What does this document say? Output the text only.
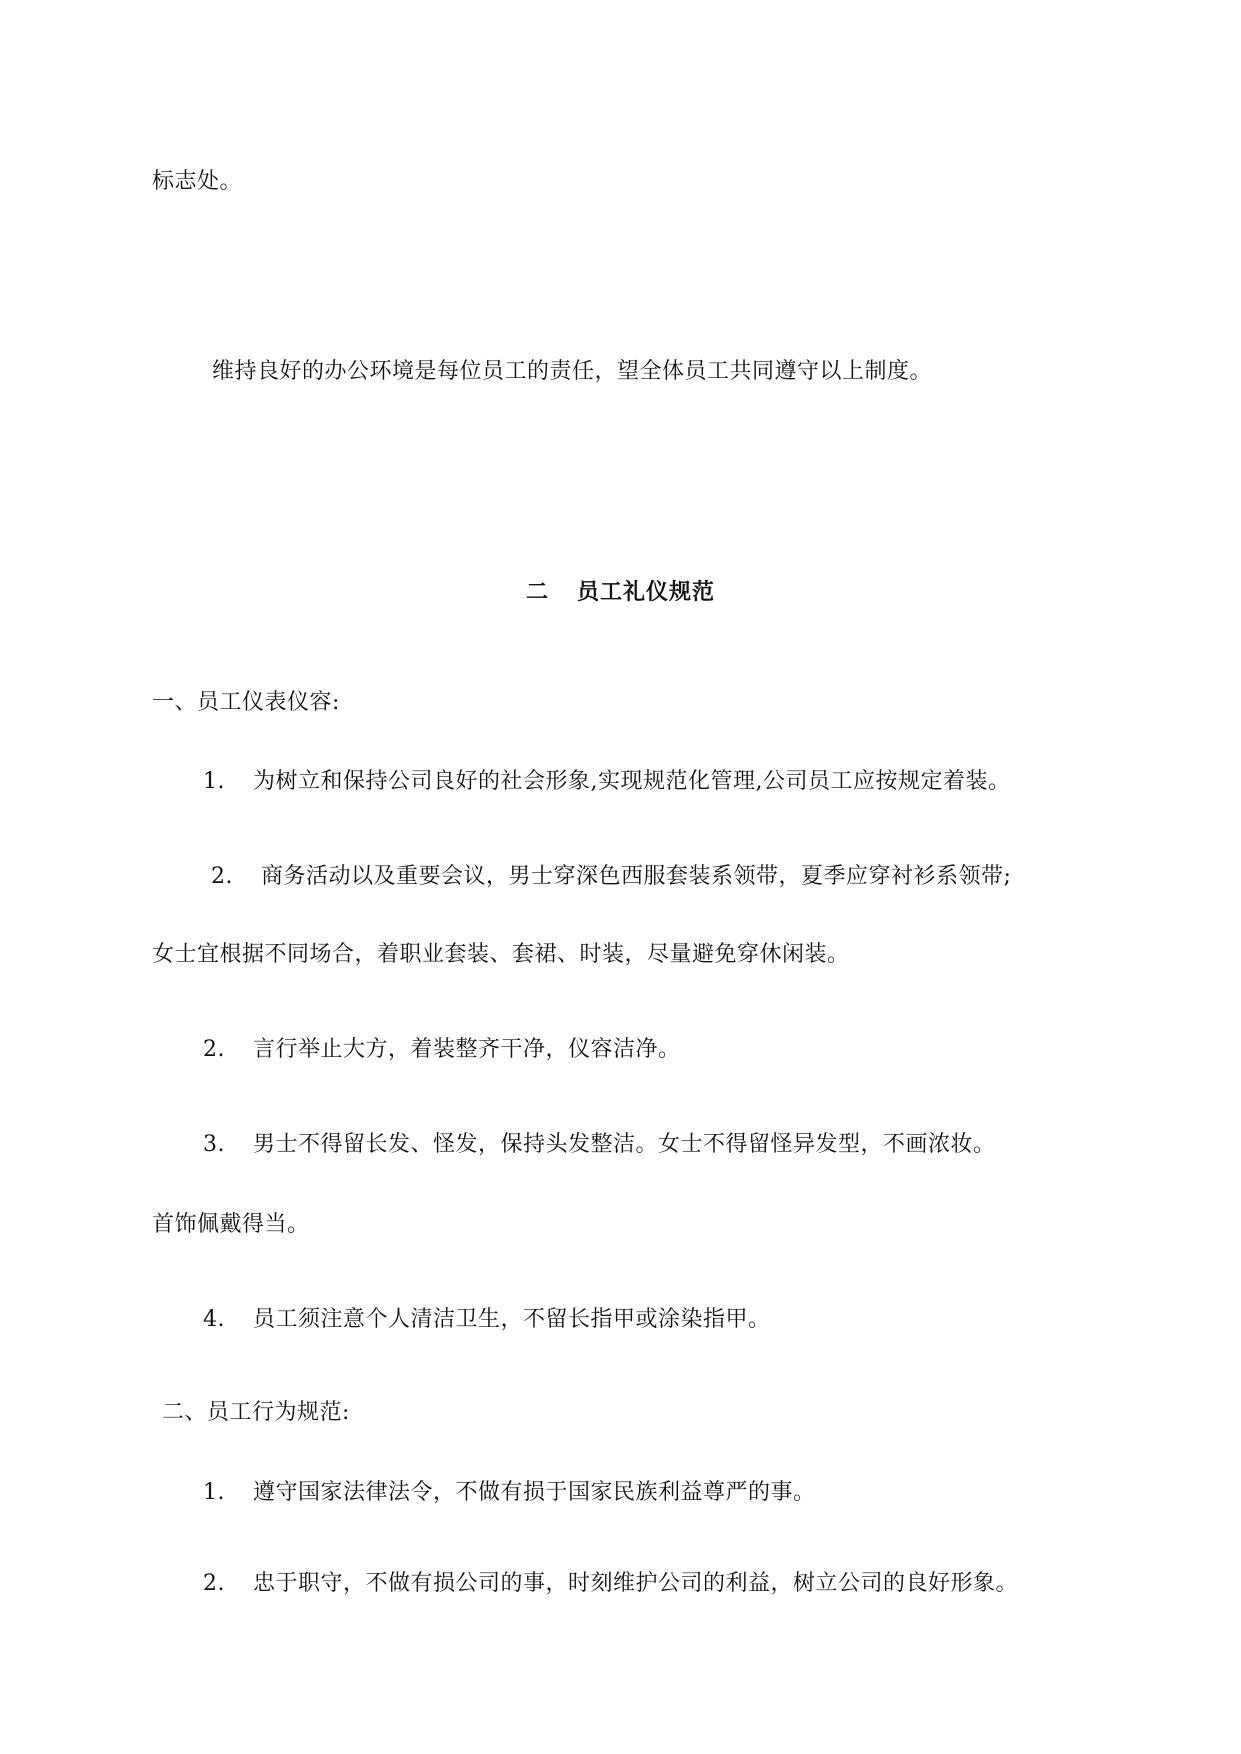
标志处。
维持良好的办公环境是每位员工的责任，望全体员工共同遵守以上制度。
二 员工礼仪规范
一、员工仪表仪容:
1. 为树立和保持公司良好的社会形象,实现规范化管理,公司员工应按规定着装。
2. 商务活动以及重要会议，男士穿深色西服套装系领带，夏季应穿衬衫系领带;
女士宜根据不同场合，着职业套装、套裙、时装，尽量避免穿休闲装。
2. 言行举止大方，着装整齐干净，仪容洁净。
3. 男士不得留长发、怪发，保持头发整洁。女士不得留怪异发型，不画浓妆。
首饰佩戴得当。
4. 员工须注意个人清洁卫生，不留长指甲或涂染指甲。
二、员工行为规范:
1. 遵守国家法律法令，不做有损于国家民族利益尊严的事。
2. 忠于职守，不做有损公司的事，时刻维护公司的利益，树立公司的良好形象。
